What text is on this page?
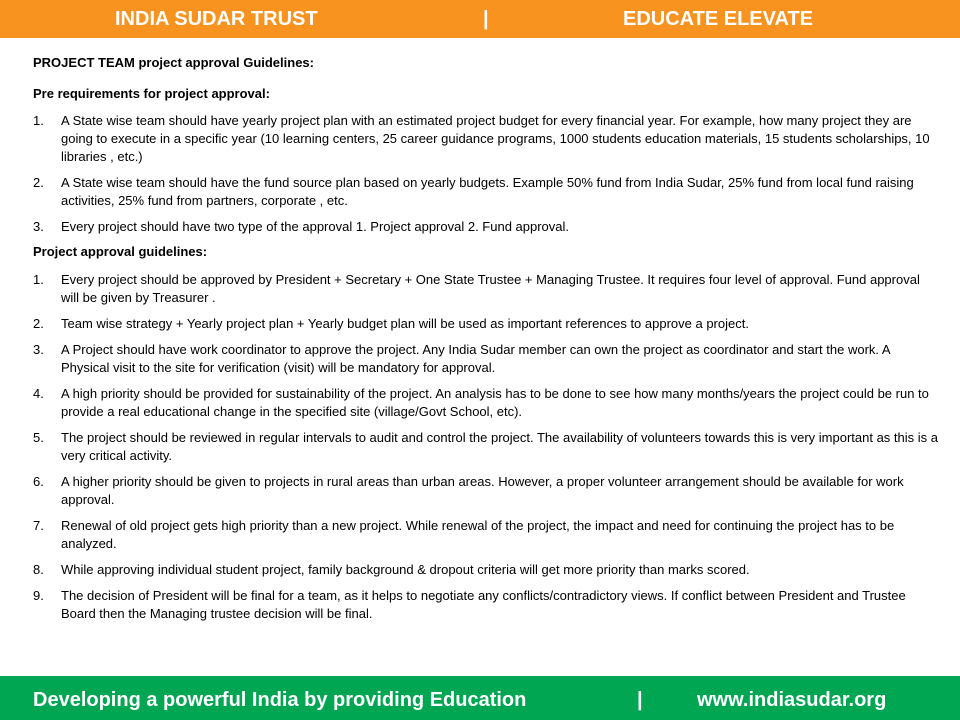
INDIA SUDAR TRUST	|	EDUCATE ELEVATE
PROJECT TEAM project approval Guidelines:
Pre requirements for project approval:
1. A State wise team should have yearly project plan with an estimated project budget for every financial year. For example, how many project they are going to execute in a specific year (10 learning centers, 25 career guidance programs, 1000 students education materials, 15 students scholarships, 10 libraries , etc.)
2. A State wise team should have the fund source plan based on yearly budgets. Example 50% fund from India Sudar, 25% fund from local fund raising activities, 25% fund from partners, corporate , etc.
3. Every project should have two type of the approval 1. Project approval 2. Fund approval.
Project approval guidelines:
1. Every project should be approved by President + Secretary + One State Trustee + Managing Trustee. It requires four level of approval. Fund approval will be given by Treasurer .
2. Team wise strategy + Yearly project plan + Yearly budget plan will be used as important references to approve a project.
3. A Project should have work coordinator to approve the project. Any India Sudar member can own the project as coordinator and start the work. A Physical visit to the site for verification (visit) will be mandatory for approval.
4. A high priority should be provided for sustainability of the project. An analysis has to be done to see how many months/years the project could be run to provide a real educational change in the specified site (village/Govt School, etc).
5. The project should be reviewed in regular intervals to audit and control the project. The availability of volunteers towards this is very important as this is a very critical activity.
6. A higher priority should be given to projects in rural areas than urban areas. However, a proper volunteer arrangement should be available for work approval.
7. Renewal of old project gets high priority than a new project. While renewal of the project, the impact and need for continuing the project has to be analyzed.
8. While approving individual student project, family background & dropout criteria will get more priority than marks scored.
9. The decision of President will be final for a team, as it helps to negotiate any conflicts/contradictory views. If conflict between President and Trustee Board then the Managing trustee decision will be final.
Developing a powerful India by providing Education	|	www.indiasudar.org
